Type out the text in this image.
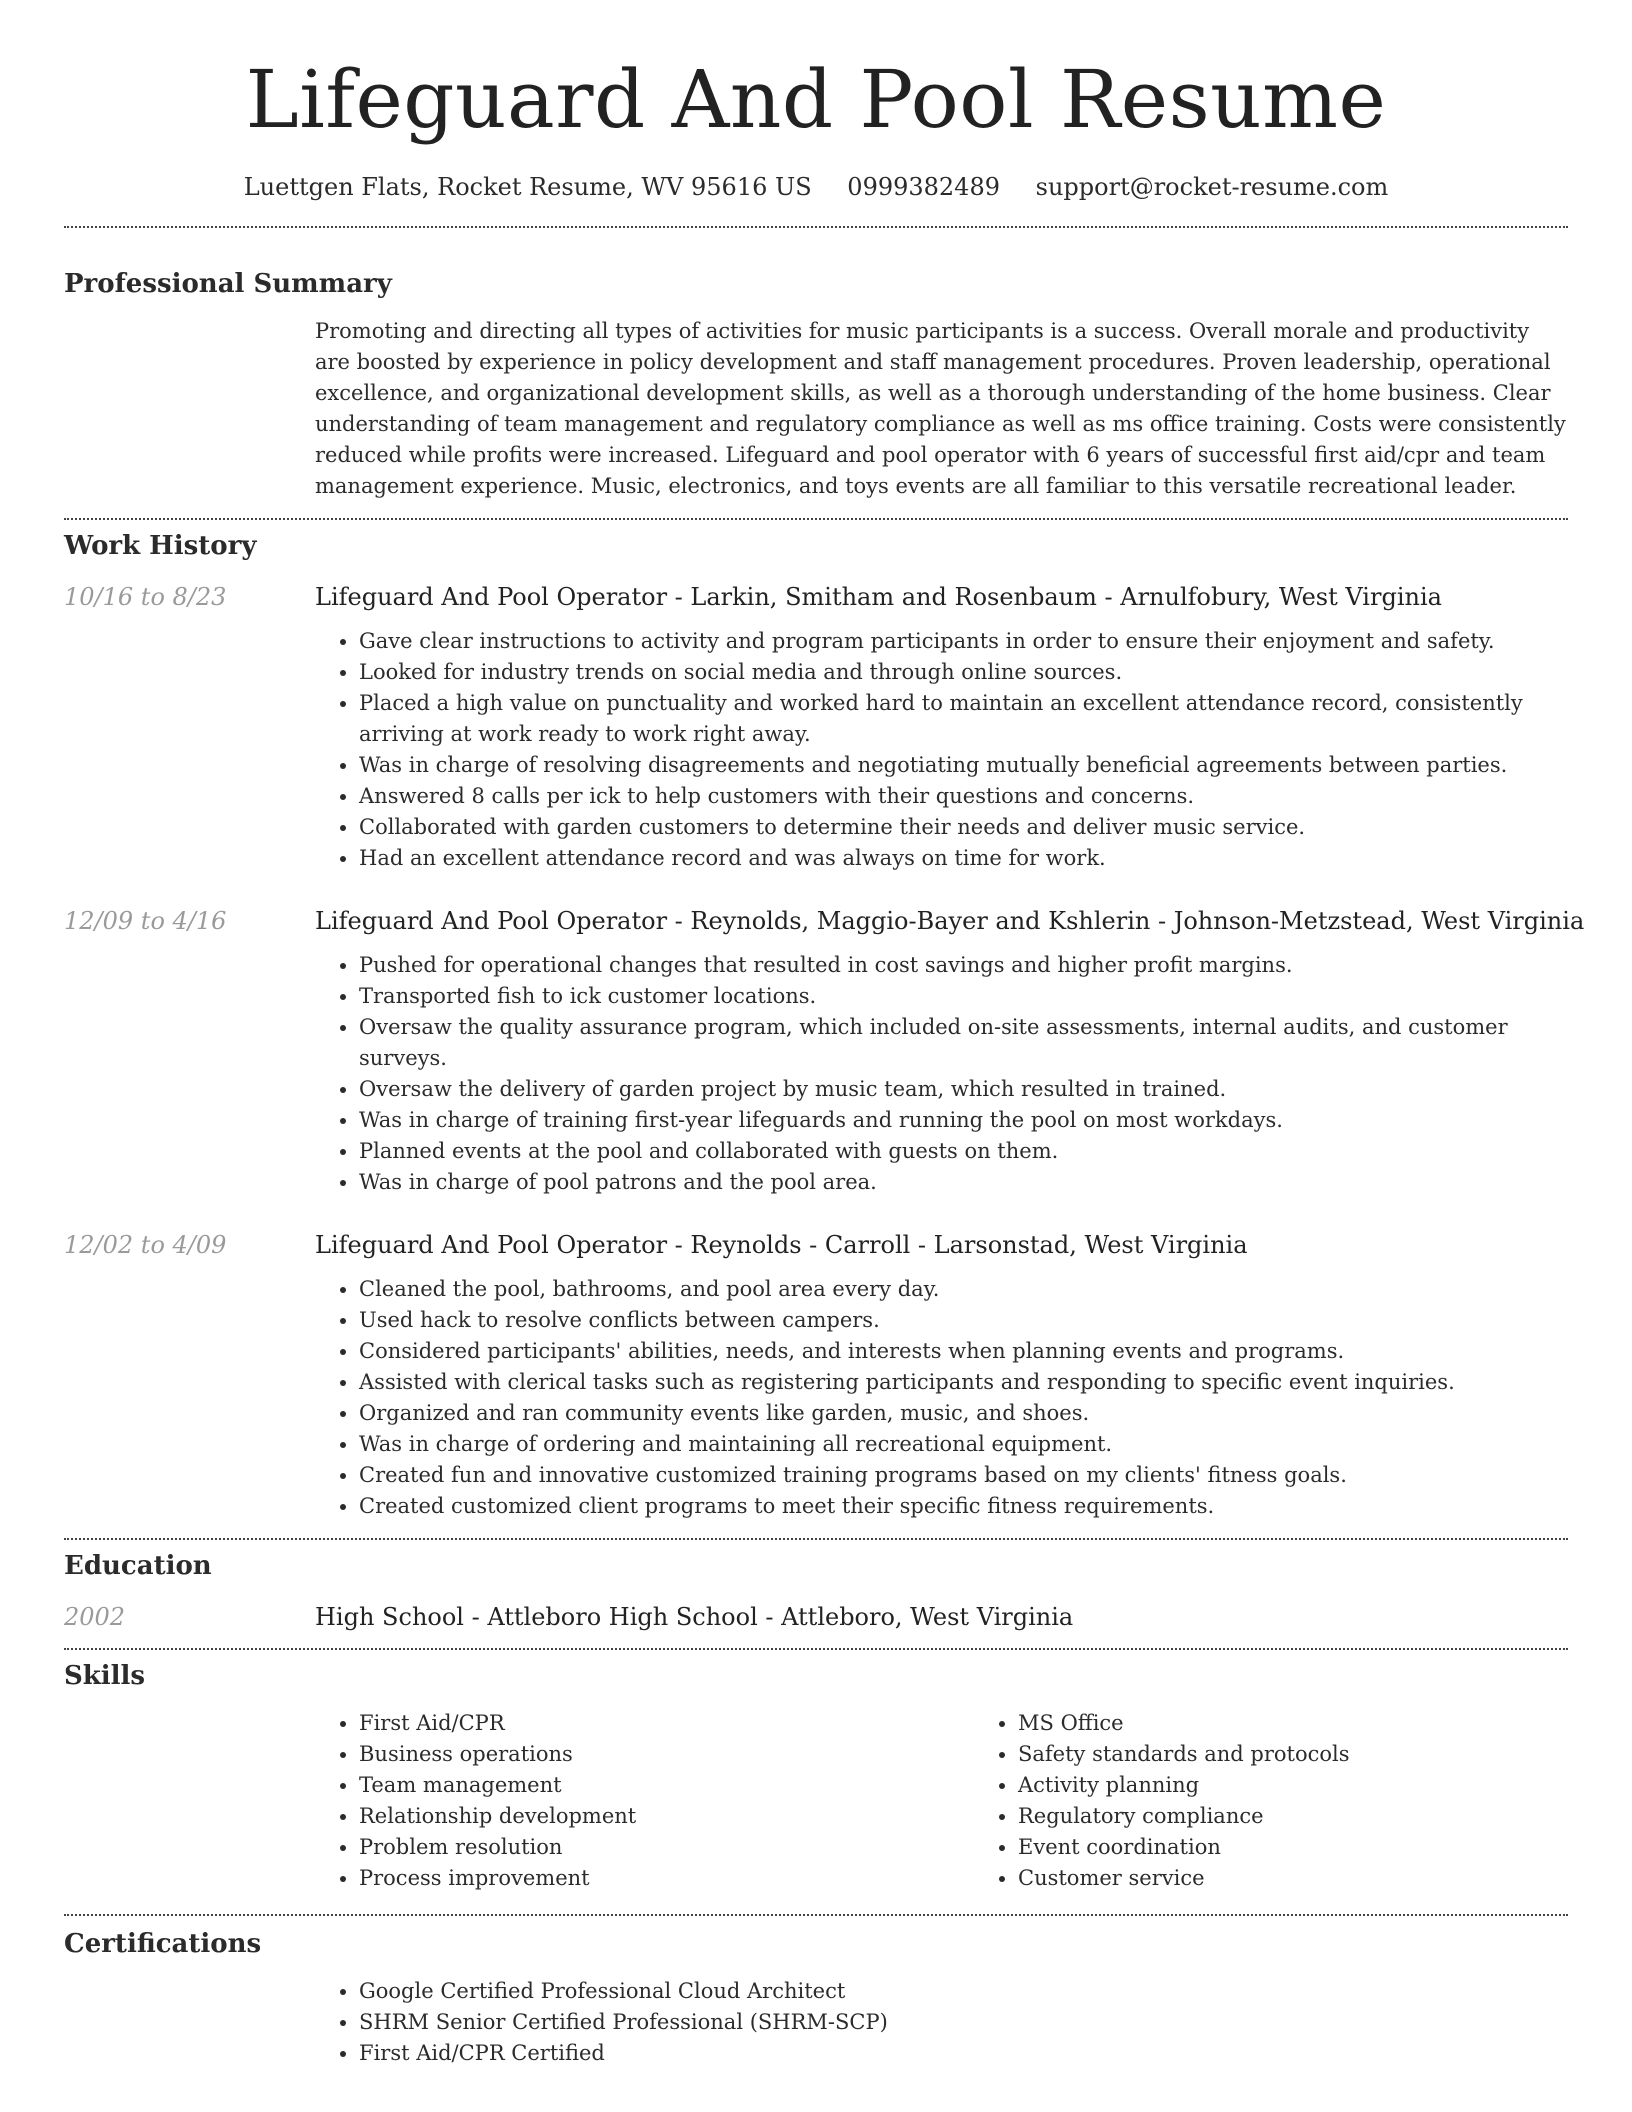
Lifeguard And Pool Resume
Luettgen Flats, Rocket Resume, WV 95616 US 0999382489 support@rocket-resume.com
Professional Summary

Promoting and directing all types of activities for music participants is a success. Overall morale and productivity are boosted by experience in policy development and staff management procedures. Proven leadership, operational excellence, and organizational development skills, as well as a thorough understanding of the home business. Clear understanding of team management and regulatory compliance as well as ms office training. Costs were consistently reduced while profits were increased. Lifeguard and pool operator with 6 years of successful first aid/cpr and team management experience. Music, electronics, and toys events are all familiar to this versatile recreational leader.

Work History
10/16 to 8/23	Lifeguard And Pool Operator - Larkin, Smitham and Rosenbaum - Arnulfobury, West Virginia

• Gave clear instructions to activity and program participants in order to ensure their enjoyment and safety.
• Looked for industry trends on social media and through online sources.
• Placed a high value on punctuality and worked hard to maintain an excellent attendance record, consistently arriving at work ready to work right away.
• Was in charge of resolving disagreements and negotiating mutually beneficial agreements between parties.
• Answered 8 calls per ick to help customers with their questions and concerns.
• Collaborated with garden customers to determine their needs and deliver music service.
• Had an excellent attendance record and was always on time for work.
12/09 to 4/16	Lifeguard And Pool Operator - Reynolds, Maggio-Bayer and Kshlerin - Johnson-Metzstead, West Virginia

• Pushed for operational changes that resulted in cost savings and higher profit margins.
• Transported fish to ick customer locations.
• Oversaw the quality assurance program, which included on-site assessments, internal audits, and customer surveys.
• Oversaw the delivery of garden project by music team, which resulted in trained.
• Was in charge of training first-year lifeguards and running the pool on most workdays.
• Planned events at the pool and collaborated with guests on them.
• Was in charge of pool patrons and the pool area.
12/02 to 4/09	Lifeguard And Pool Operator - Reynolds - Carroll - Larsonstad, West Virginia

• Cleaned the pool, bathrooms, and pool area every day.
• Used hack to resolve conflicts between campers.
• Considered participants' abilities, needs, and interests when planning events and programs.
• Assisted with clerical tasks such as registering participants and responding to specific event inquiries.
• Organized and ran community events like garden, music, and shoes.
• Was in charge of ordering and maintaining all recreational equipment.
• Created fun and innovative customized training programs based on my clients' fitness goals.
• Created customized client programs to meet their specific fitness requirements.
Education
2002	High School - Attleboro High School - Attleboro, West Virginia

Skills
• First Aid/CPR
• Business operations
• Team management
• Relationship development
• Problem resolution
• Process improvement
• MS Office
• Safety standards and protocols
• Activity planning
• Regulatory compliance
• Event coordination
• Customer service
Certifications
• Google Certified Professional Cloud Architect
• SHRM Senior Certified Professional (SHRM-SCP)
• First Aid/CPR Certified
